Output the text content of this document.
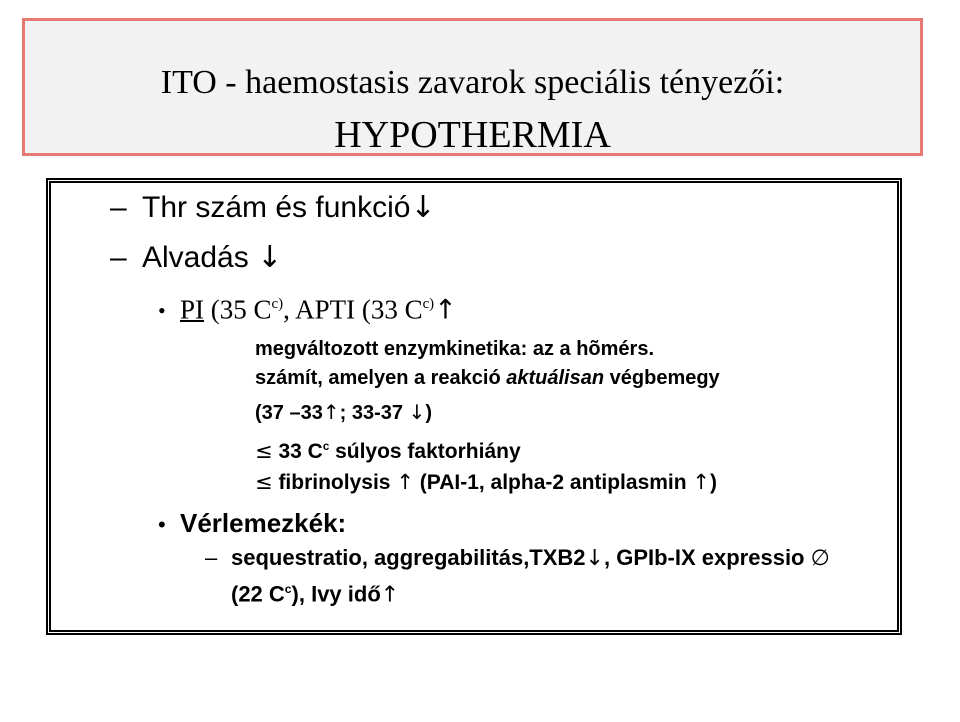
ITO - haemostasis zavarok speciális tényezői:
HYPOTHERMIA
– Thr szám és funkció↓
– Alvadás ↓
• PI (35 $C^{c)}$, APTI (33 $C^{c)}↑$
megváltozott enzymkinetika: az a hõmérs.
számít, amelyen a reakció aktuálisan végbemegy
(37 –33↑; 33-37 ↓)
≤ 33 $C^c$ súlyos faktorhiány
≤ fibrinolysis ↑ (PAI-1, alpha-2 antiplasmin ↑)
• Vérlemezkék:
– sequestratio, aggregabilitás,TXB2↓, GPIb-IX expressio ∅
(22 $C^c$), Ivy idő↑
